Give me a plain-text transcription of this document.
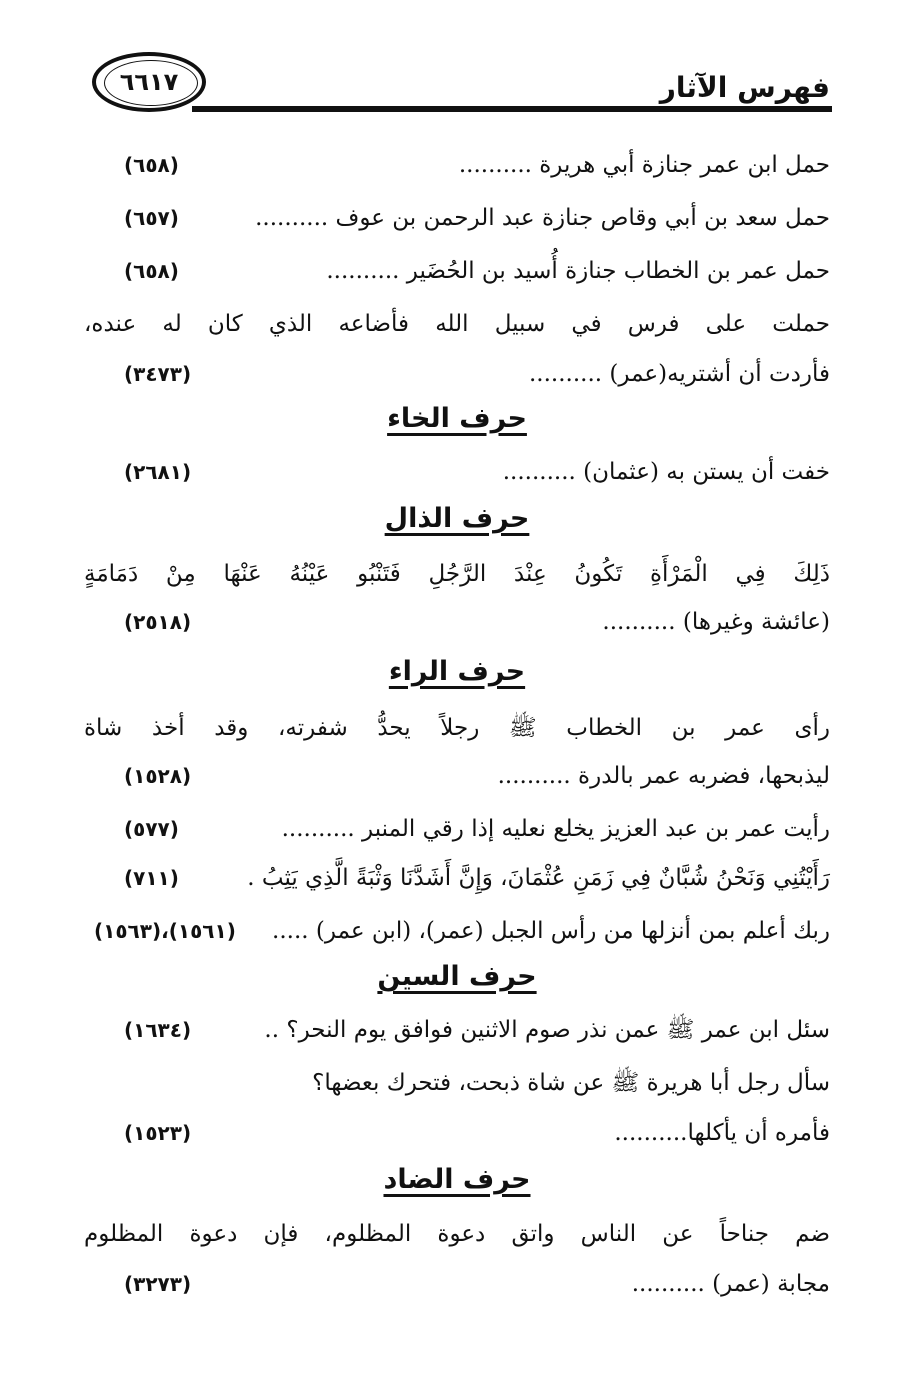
فهرس الآثار
٦٦١٧
حمل ابن عمر جنازة أبي هريرة ..........
(٦٥٨)
حمل سعد بن أبي وقاص جنازة عبد الرحمن بن عوف ..........
(٦٥٧)
حمل عمر بن الخطاب جنازة أُسيد بن الحُضَير ..........
(٦٥٨)
حملت على فرس في سبيل الله فأضاعه الذي كان له عنده،
فأردت أن أشتريه(عمر) ..........
(٣٤٧٣)
حرف الخاء
خفت أن يستن به (عثمان) ..........
(٢٦٨١)
حرف الذال
ذَلِكَ فِي الْمَرْأَةِ تَكُونُ عِنْدَ الرَّجُلِ فَتَنْبُو عَيْنُهُ عَنْهَا مِنْ دَمَامَةٍ
(عائشة وغيرها) ..........
(٢٥١٨)
حرف الراء
رأى عمر بن الخطاب ﷺ رجلاً يحدُّ شفرته، وقد أخذ شاة
ليذبحها، فضربه عمر بالدرة ..........
(١٥٢٨)
رأيت عمر بن عبد العزيز يخلع نعليه إذا رقي المنبر ..........
(٥٧٧)
رَأَيْتُنِي وَنَحْنُ شُبَّانٌ فِي زَمَنِ عُثْمَانَ، وَإِنَّ أَشَدَّنَا وَثْبَةً الَّذِي يَثِبُ .
(٧١١)
ربك أعلم بمن أنزلها من رأس الجبل (عمر)، (ابن عمر) .....
(١٥٦١)،(١٥٦٣)
حرف السين
سئل ابن عمر ﷺ عمن نذر صوم الاثنين فوافق يوم النحر؟ ..
(١٦٣٤)
سأل رجل أبا هريرة ﷺ عن شاة ذبحت، فتحرك بعضها؟
فأمره أن يأكلها..........
(١٥٢٣)
حرف الضاد
ضم جناحاً عن الناس واتق دعوة المظلوم، فإن دعوة المظلوم
مجابة (عمر) ..........
(٣٢٧٣)
